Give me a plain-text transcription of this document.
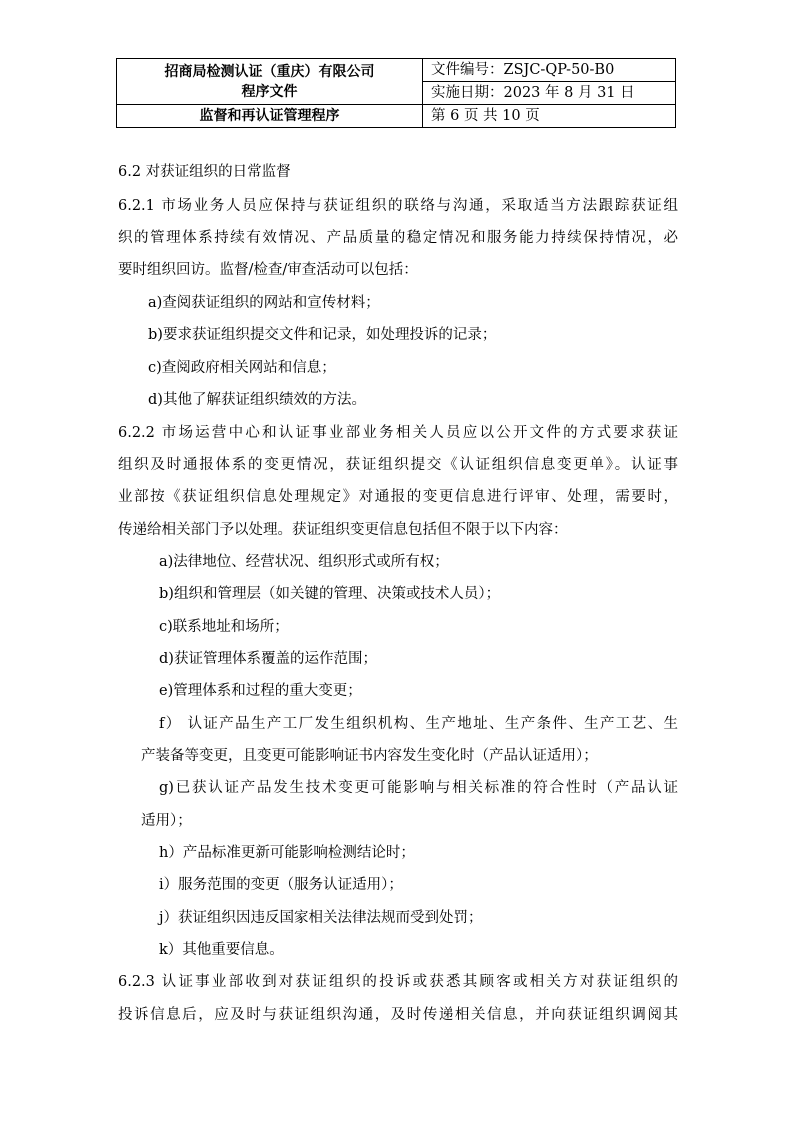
招商局检测认证（重庆）有限公司
程序文件	文件编号：ZSJC-QP-50-B0
	实施日期：2023 年 8 月 31 日
监督和再认证管理程序	第 6 页 共 10 页
6.2 对获证组织的日常监督
6.2.1 市场业务人员应保持与获证组织的联络与沟通，采取适当方法跟踪获证组
织的管理体系持续有效情况、产品质量的稳定情况和服务能力持续保持情况，必
要时组织回访。监督/检查/审查活动可以包括：
a)查阅获证组织的网站和宣传材料；
b)要求获证组织提交文件和记录，如处理投诉的记录；
c)查阅政府相关网站和信息；
d)其他了解获证组织绩效的方法。
6.2.2 市场运营中心和认证事业部业务相关人员应以公开文件的方式要求获证
组织及时通报体系的变更情况，获证组织提交《认证组织信息变更单》。认证事
业部按《获证组织信息处理规定》对通报的变更信息进行评审、处理，需要时，
传递给相关部门予以处理。获证组织变更信息包括但不限于以下内容：
a)法律地位、经营状况、组织形式或所有权；
b)组织和管理层（如关键的管理、决策或技术人员）；
c)联系地址和场所；
d)获证管理体系覆盖的运作范围；
e)管理体系和过程的重大变更；
f） 认证产品生产工厂发生组织机构、生产地址、生产条件、生产工艺、生
产装备等变更，且变更可能影响证书内容发生变化时（产品认证适用）；
g)已获认证产品发生技术变更可能影响与相关标准的符合性时（产品认证
适用）；
h）产品标准更新可能影响检测结论时；
i）服务范围的变更（服务认证适用）；
j）获证组织因违反国家相关法律法规而受到处罚；
k）其他重要信息。
6.2.3 认证事业部收到对获证组织的投诉或获悉其顾客或相关方对获证组织的
投诉信息后，应及时与获证组织沟通，及时传递相关信息，并向获证组织调阅其
